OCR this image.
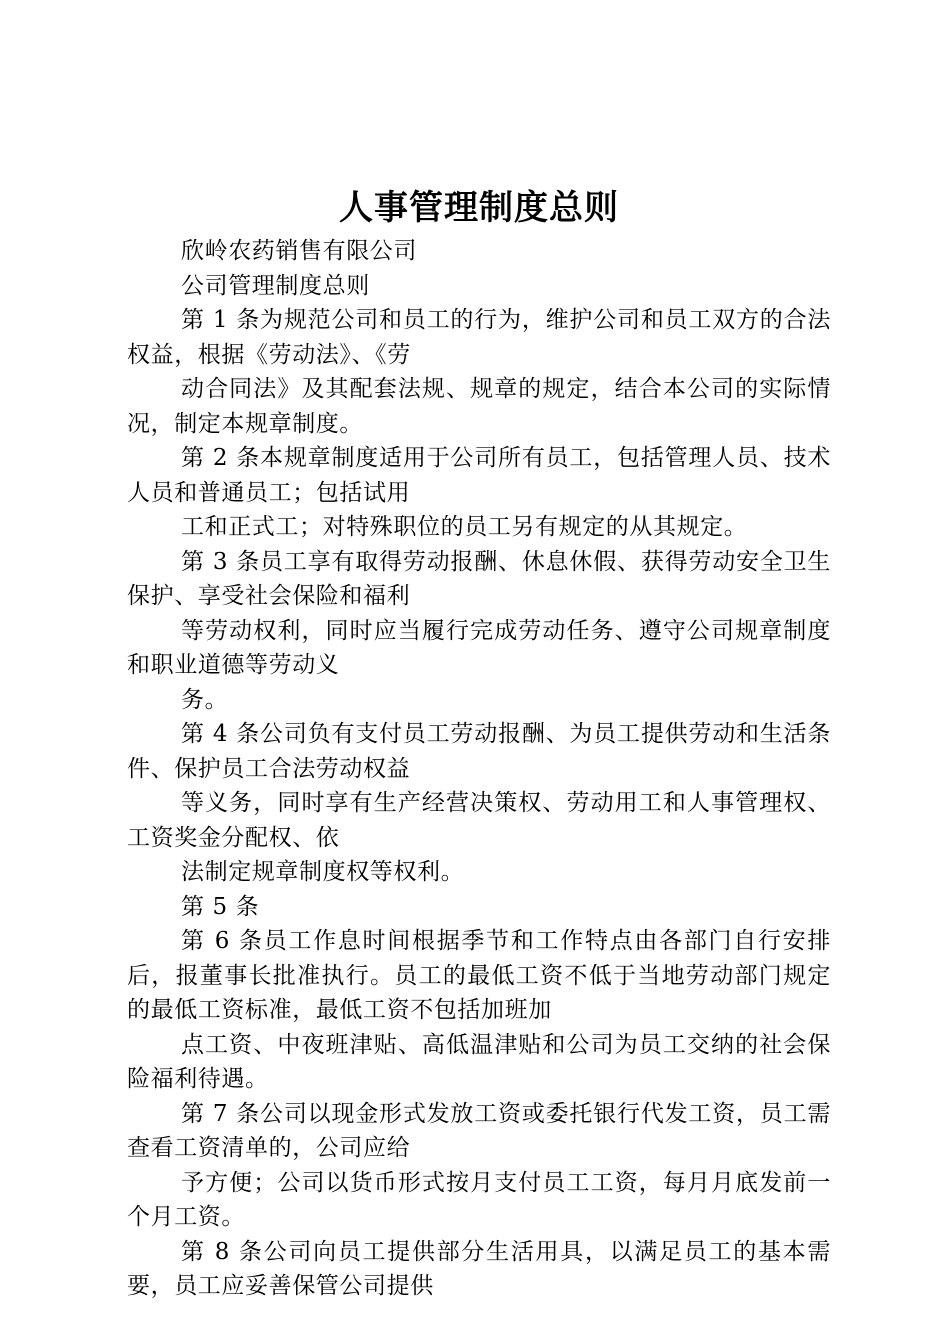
人事管理制度总则

欣岭农药销售有限公司

公司管理制度总则

第 1 条为规范公司和员工的行为，维护公司和员工双方的合法权益，根据《劳动法》、《劳

动合同法》及其配套法规、规章的规定，结合本公司的实际情况，制定本规章制度。

第 2 条本规章制度适用于公司所有员工，包括管理人员、技术人员和普通员工；包括试用

工和正式工；对特殊职位的员工另有规定的从其规定。

第 3 条员工享有取得劳动报酬、休息休假、获得劳动安全卫生保护、享受社会保险和福利

等劳动权利，同时应当履行完成劳动任务、遵守公司规章制度和职业道德等劳动义

务。

第 4 条公司负有支付员工劳动报酬、为员工提供劳动和生活条件、保护员工合法劳动权益

等义务，同时享有生产经营决策权、劳动用工和人事管理权、工资奖金分配权、依

法制定规章制度权等权利。

第 5 条

第 6 条员工作息时间根据季节和工作特点由各部门自行安排后，报董事长批准执行。员工的最低工资不低于当地劳动部门规定的最低工资标准，最低工资不包括加班加

点工资、中夜班津贴、高低温津贴和公司为员工交纳的社会保险福利待遇。

第 7 条公司以现金形式发放工资或委托银行代发工资，员工需查看工资清单的，公司应给

予方便；公司以货币形式按月支付员工工资，每月月底发前一个月工资。

第 8 条公司向员工提供部分生活用具，以满足员工的基本需要，员工应妥善保管公司提供
